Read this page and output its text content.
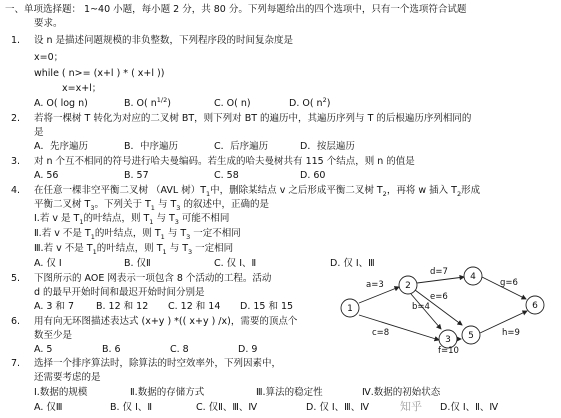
一、单项选择题： 1~40 小题，每小题 2 分，共 80 分。下列每题给出的四个选项中，只有一个选项符合试题
要求。
1. 设 n 是描述问题规模的非负整数，下列程序段的时间复杂度是
x=0；
while ( n>= (x+l ) * ( x+l ))
x=x+l；
A. O( log n)	B. O( $n^{1/2}$)	C. O( n)	D. O( $n^2$)
2. 若将一棵树 T 转化为对应的二叉树 BT，则下列对 BT 的遍历中，其遍历序列与 T 的后根遍历序列相同的
是
A．先序遍历	B．中序遍历	C．后序遍历	D．按层遍历
3. 对 n 个互不相同的符号进行哈夫曼编码。若生成的哈夫曼树共有 115 个结点，则 n 的值是
A. 56	B. 57	C. 58	D. 60
4. 在任意一棵非空平衡二叉树 （AVL 树）$T_1$中，删除某结点 v 之后形成平衡二叉树 $T_2$，再将 w 插入 $T_2$形成
平衡二叉树 $T_3$。下列关于 $T_1$ 与 $T_3$ 的叙述中，正确的是
I.若 v 是 $T_1$的叶结点，则 $T_1$ 与 $T_3$ 可能不相同
Ⅱ.若 v 不是 $T_1$的叶结点，则 $T_1$ 与 $T_3$ 一定不相同
Ⅲ.若 v 不是 $T_1$的叶结点，则 $T_1$ 与 $T_3$ 一定相同
A. 仅 I	B. 仅Ⅱ	C. 仅 I、Ⅱ	D. 仅 I、Ⅲ
5. 下图所示的 AOE 网表示一项包含 8 个活动的工程。活动
d 的最早开始时间和最迟开始时间分别是
A. 3 和 7 B. 12 和 12 C. 12 和 14 D. 15 和 15	1
2
3
4
5
6
a=3
b=4
c=8
d=7
e=6
f=10
g=6
h=9
6. 用有向无环图描述表达式 (x+y ) *(( x+y ) /x)，需要的顶点个
数至少是
A. 5	B. 6	C. 8	D. 9
7. 选择一个排序算法时，除算法的时空效率外，下列因素中，
还需要考虑的是
I.数据的规模	Ⅱ.数据的存储方式	Ⅲ.算法的稳定性	Ⅳ.数据的初始状态
A. 仅Ⅲ	B. 仅 I、Ⅱ	C. 仅Ⅱ、Ⅲ、Ⅳ	D. 仅 I、Ⅲ、Ⅳ	D.仅 I、Ⅱ、Ⅳ
知乎
